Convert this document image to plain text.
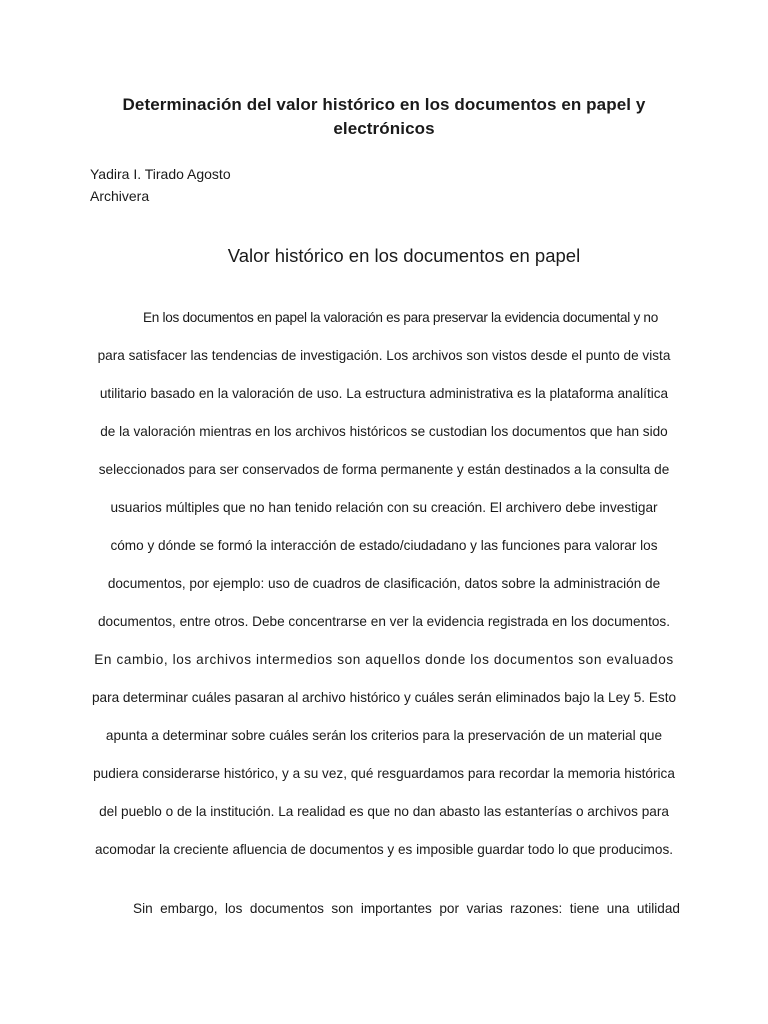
Determinación del valor histórico en los documentos en papel y
electrónicos
Yadira I. Tirado Agosto
Archivera
Valor histórico en los documentos en papel
En los documentos en papel la valoración es para preservar la evidencia documental y no
para satisfacer las tendencias de investigación. Los archivos son vistos desde el punto de vista
utilitario basado en la valoración de uso. La estructura administrativa es la plataforma analítica
de la valoración mientras en los archivos históricos se custodian los documentos que han sido
seleccionados para ser conservados de forma permanente y están destinados a la consulta de
usuarios múltiples que no han tenido relación con su creación. El archivero debe investigar
cómo y dónde se formó la interacción de estado/ciudadano y las funciones para valorar los
documentos, por ejemplo: uso de cuadros de clasificación, datos sobre la administración de
documentos, entre otros. Debe concentrarse en ver la evidencia registrada en los documentos.
En cambio, los archivos intermedios son aquellos donde los documentos son evaluados
para determinar cuáles pasaran al archivo histórico y cuáles serán eliminados bajo la Ley 5. Esto
apunta a determinar sobre cuáles serán los criterios para la preservación de un material que
pudiera considerarse histórico, y a su vez, qué resguardamos para recordar la memoria histórica
del pueblo o de la institución. La realidad es que no dan abasto las estanterías o archivos para
acomodar la creciente afluencia de documentos y es imposible guardar todo lo que producimos.
Sin embargo, los documentos son importantes por varias razones: tiene una utilidad
